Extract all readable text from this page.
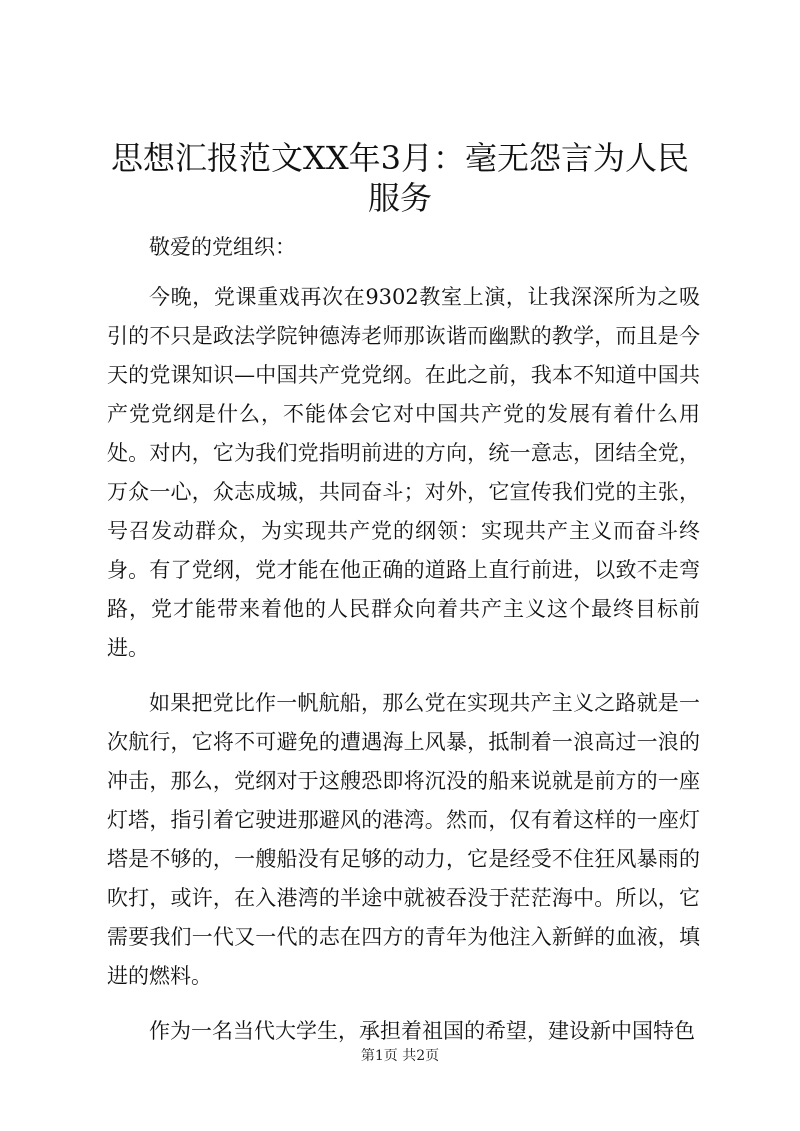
思想汇报范文XX年3月：毫无怨言为人民服务

敬爱的党组织：

今晚，党课重戏再次在9302教室上演，让我深深所为之吸引的不只是政法学院钟德涛老师那诙谐而幽默的教学，而且是今天的党课知识—中国共产党党纲。在此之前，我本不知道中国共产党党纲是什么，不能体会它对中国共产党的发展有着什么用处。对内，它为我们党指明前进的方向，统一意志，团结全党，万众一心，众志成城，共同奋斗；对外，它宣传我们党的主张，号召发动群众，为实现共产党的纲领：实现共产主义而奋斗终身。有了党纲，党才能在他正确的道路上直行前进，以致不走弯路，党才能带来着他的人民群众向着共产主义这个最终目标前进。

如果把党比作一帆航船，那么党在实现共产主义之路就是一次航行，它将不可避免的遭遇海上风暴，抵制着一浪高过一浪的冲击，那么，党纲对于这艘恐即将沉没的船来说就是前方的一座灯塔，指引着它驶进那避风的港湾。然而，仅有着这样的一座灯塔是不够的，一艘船没有足够的动力，它是经受不住狂风暴雨的吹打，或许，在入港湾的半途中就被吞没于茫茫海中。所以，它需要我们一代又一代的志在四方的青年为他注入新鲜的血液，填进的燃料。

作为一名当代大学生，承担着祖国的希望，建设新中国特色

第1页 共2页
